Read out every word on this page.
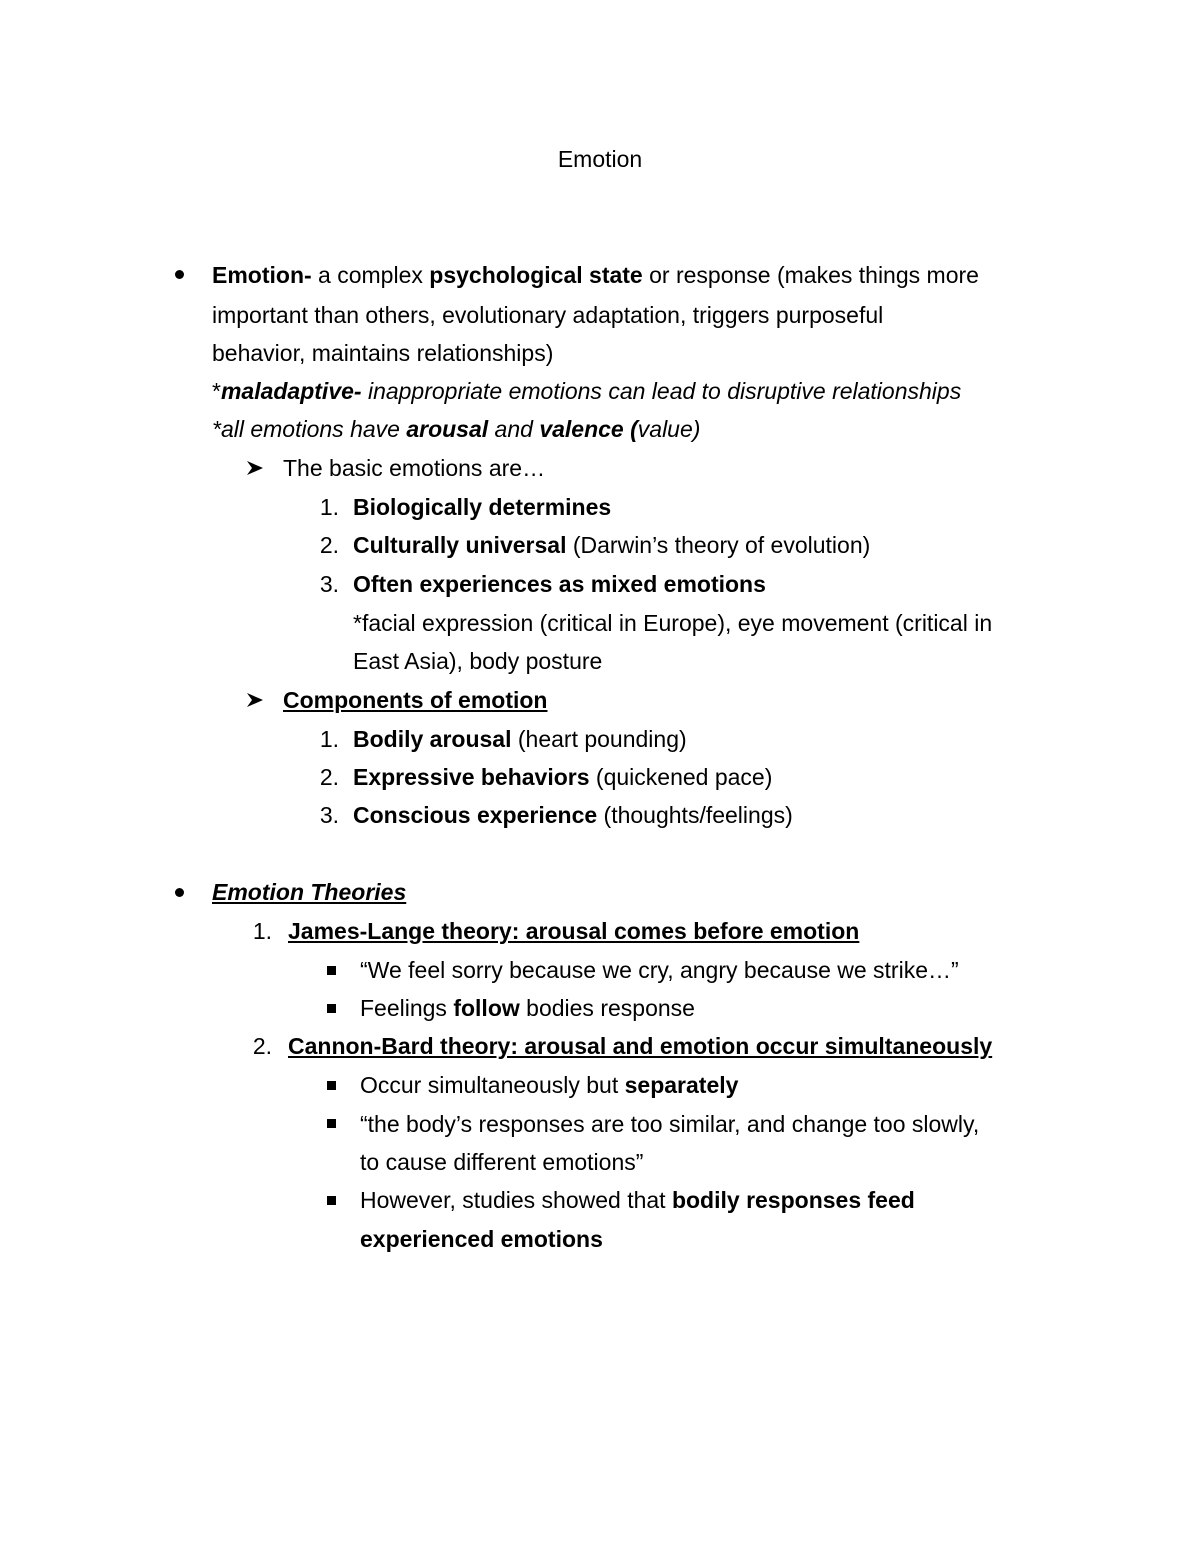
Emotion
Emotion- a complex psychological state or response (makes things more
important than others, evolutionary adaptation, triggers purposeful
behavior, maintains relationships)
*maladaptive- inappropriate emotions can lead to disruptive relationships
*all emotions have arousal and valence (value)
The basic emotions are…
1. Biologically determines
2. Culturally universal (Darwin’s theory of evolution)
3. Often experiences as mixed emotions
*facial expression (critical in Europe), eye movement (critical in
East Asia), body posture
Components of emotion
1. Bodily arousal (heart pounding)
2. Expressive behaviors (quickened pace)
3. Conscious experience (thoughts/feelings)
Emotion Theories
1. James-Lange theory: arousal comes before emotion
“We feel sorry because we cry, angry because we strike…”
Feelings follow bodies response
2. Cannon-Bard theory: arousal and emotion occur simultaneously
Occur simultaneously but separately
“the body’s responses are too similar, and change too slowly,
to cause different emotions”
However, studies showed that bodily responses feed
experienced emotions
